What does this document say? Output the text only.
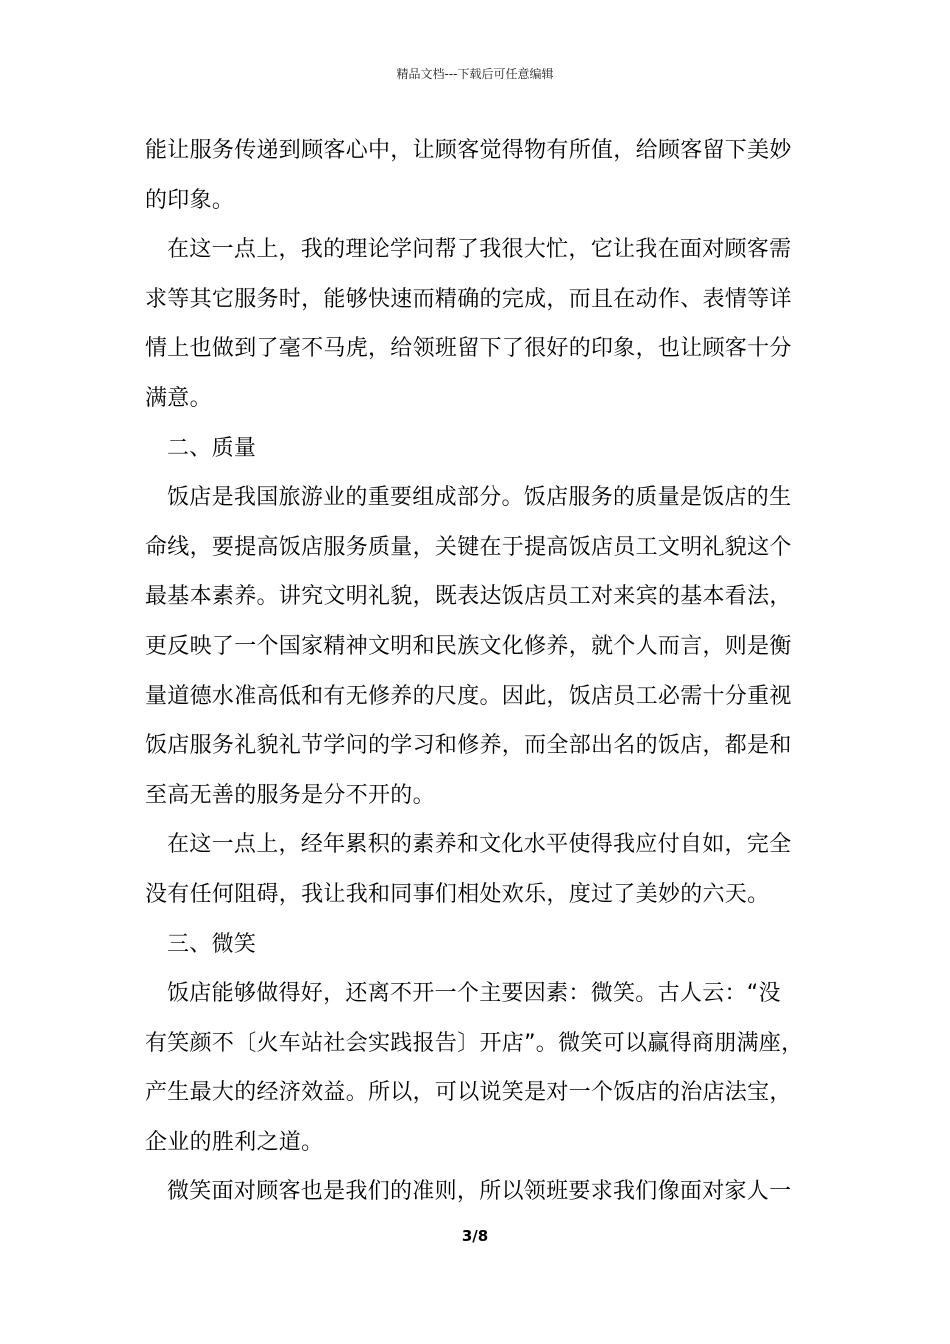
精品文档---下载后可任意编辑
能让服务传递到顾客心中，让顾客觉得物有所值，给顾客留下美妙
的印象。
在这一点上，我的理论学问帮了我很大忙，它让我在面对顾客需
求等其它服务时，能够快速而精确的完成，而且在动作、表情等详
情上也做到了毫不马虎，给领班留下了很好的印象，也让顾客十分
满意。
二、质量
饭店是我国旅游业的重要组成部分。饭店服务的质量是饭店的生
命线，要提高饭店服务质量，关键在于提高饭店员工文明礼貌这个
最基本素养。讲究文明礼貌，既表达饭店员工对来宾的基本看法，
更反映了一个国家精神文明和民族文化修养，就个人而言，则是衡
量道德水准高低和有无修养的尺度。因此，饭店员工必需十分重视
饭店服务礼貌礼节学问的学习和修养，而全部出名的饭店，都是和
至高无善的服务是分不开的。
在这一点上，经年累积的素养和文化水平使得我应付自如，完全
没有任何阻碍，我让我和同事们相处欢乐，度过了美妙的六天。
三、微笑
饭店能够做得好，还离不开一个主要因素：微笑。古人云：“没
有笑颜不〔火车站社会实践报告〕开店”。微笑可以赢得商朋满座，
产生最大的经济效益。所以，可以说笑是对一个饭店的治店法宝，
企业的胜利之道。
微笑面对顾客也是我们的准则，所以领班要求我们像面对家人一
3/8
